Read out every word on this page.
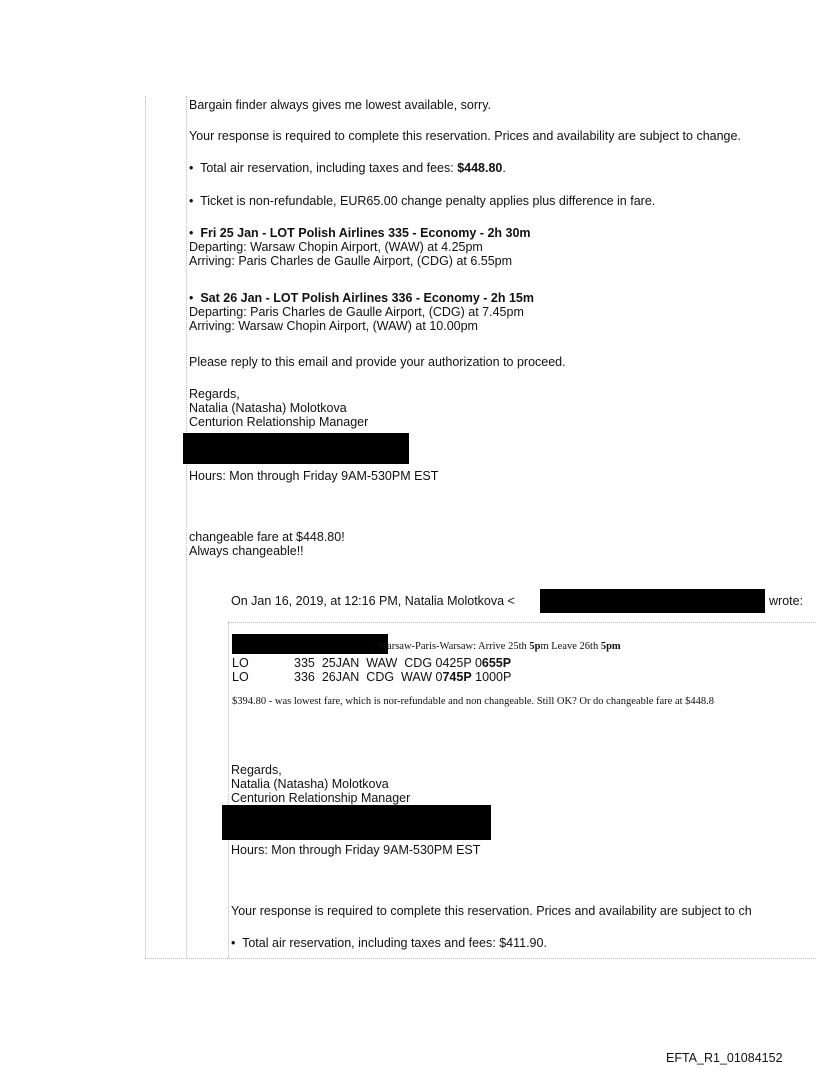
Bargain finder always gives me lowest available, sorry.
Your response is required to complete this reservation. Prices and availability are subject to change.
•  Total air reservation, including taxes and fees: $448.80.
•  Ticket is non-refundable, EUR65.00 change penalty applies plus difference in fare.
•  Fri 25 Jan - LOT Polish Airlines 335 - Economy - 2h 30m
Departing: Warsaw Chopin Airport, (WAW) at 4.25pm
Arriving: Paris Charles de Gaulle Airport, (CDG) at 6.55pm
•  Sat 26 Jan - LOT Polish Airlines 336 - Economy - 2h 15m
Departing: Paris Charles de Gaulle Airport, (CDG) at 7.45pm
Arriving: Warsaw Chopin Airport, (WAW) at 10.00pm
Please reply to this email and provide your authorization to proceed.
Regards,
Natalia (Natasha) Molotkova
Centurion Relationship Manager
Hours: Mon through Friday 9AM-530PM EST
changeable fare at $448.80!
Always changeable!!
On Jan 16, 2019, at 12:16 PM, Natalia Molotkova <	wrote:
: Warsaw-Paris-Warsaw: Arrive 25th 5pm Leave 26th 5pm
LO	335 25JAN WAW CDG 0425P 0655P
LO	336 26JAN CDG WAW 0745P 1000P
$394.80 - was lowest fare, which is nor-refundable and non changeable. Still OK? Or do changeable fare at $448.8
Regards,
Natalia (Natasha) Molotkova
Centurion Relationship Manager
Hours: Mon through Friday 9AM-530PM EST
Your response is required to complete this reservation. Prices and availability are subject to ch
•  Total air reservation, including taxes and fees: $411.90.
EFTA_R1_01084152
